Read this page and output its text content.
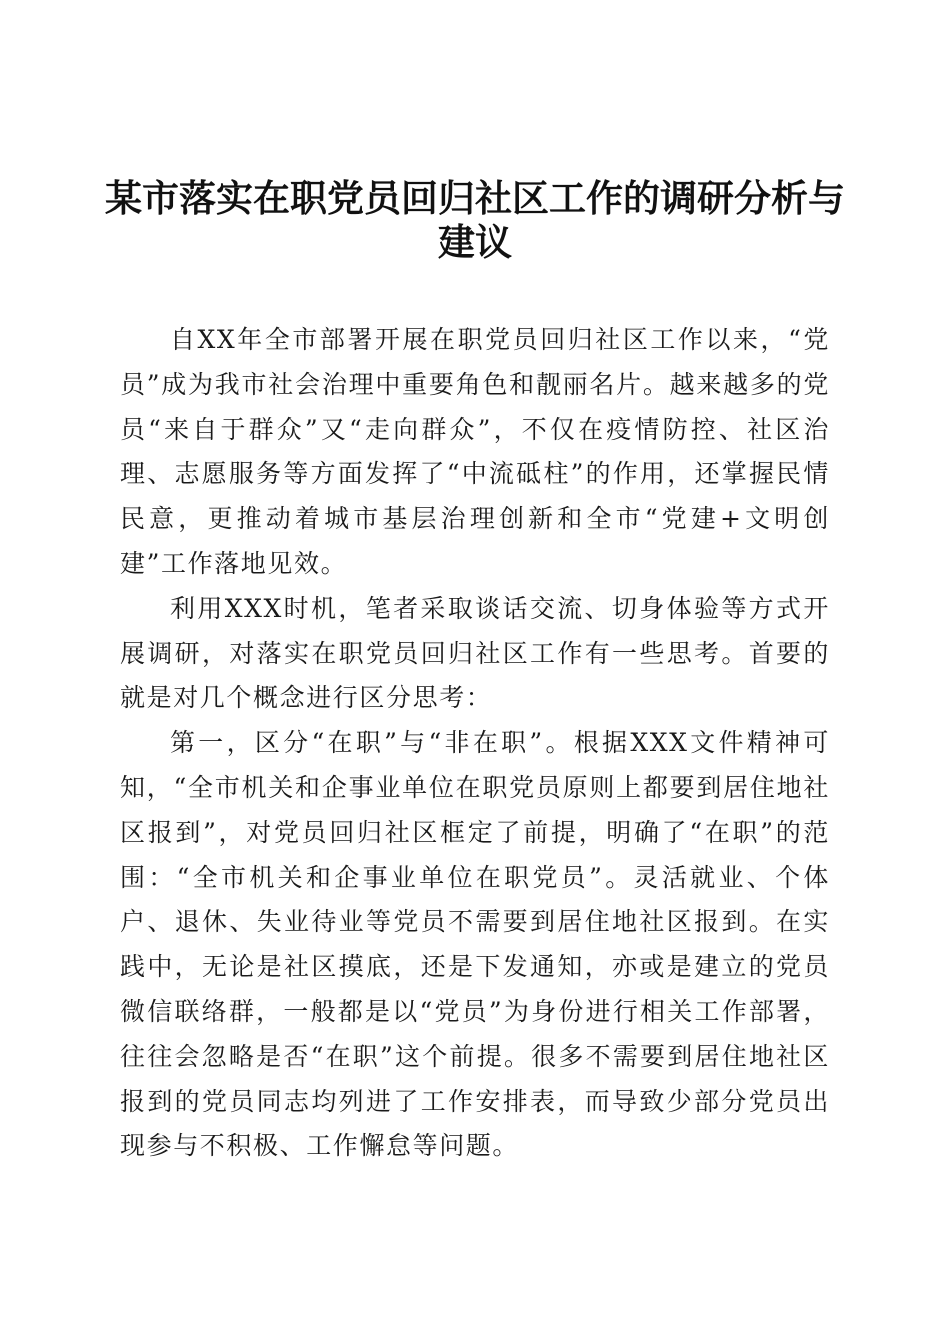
某市落实在职党员回归社区工作的调研分析与建议

自XX年全市部署开展在职党员回归社区工作以来，“党员”成为我市社会治理中重要角色和靓丽名片。越来越多的党员“来自于群众”又“走向群众”，不仅在疫情防控、社区治理、志愿服务等方面发挥了“中流砥柱”的作用，还掌握民情民意，更推动着城市基层治理创新和全市“党建+文明创建”工作落地见效。

利用XXX时机，笔者采取谈话交流、切身体验等方式开展调研，对落实在职党员回归社区工作有一些思考。首要的就是对几个概念进行区分思考：

第一，区分“在职”与“非在职”。根据XXX文件精神可知，“全市机关和企事业单位在职党员原则上都要到居住地社区报到”，对党员回归社区框定了前提，明确了“在职”的范围：“全市机关和企事业单位在职党员”。灵活就业、个体户、退休、失业待业等党员不需要到居住地社区报到。在实践中，无论是社区摸底，还是下发通知，亦或是建立的党员微信联络群，一般都是以“党员”为身份进行相关工作部署，往往会忽略是否“在职”这个前提。很多不需要到居住地社区报到的党员同志均列进了工作安排表，而导致少部分党员出现参与不积极、工作懈怠等问题。
